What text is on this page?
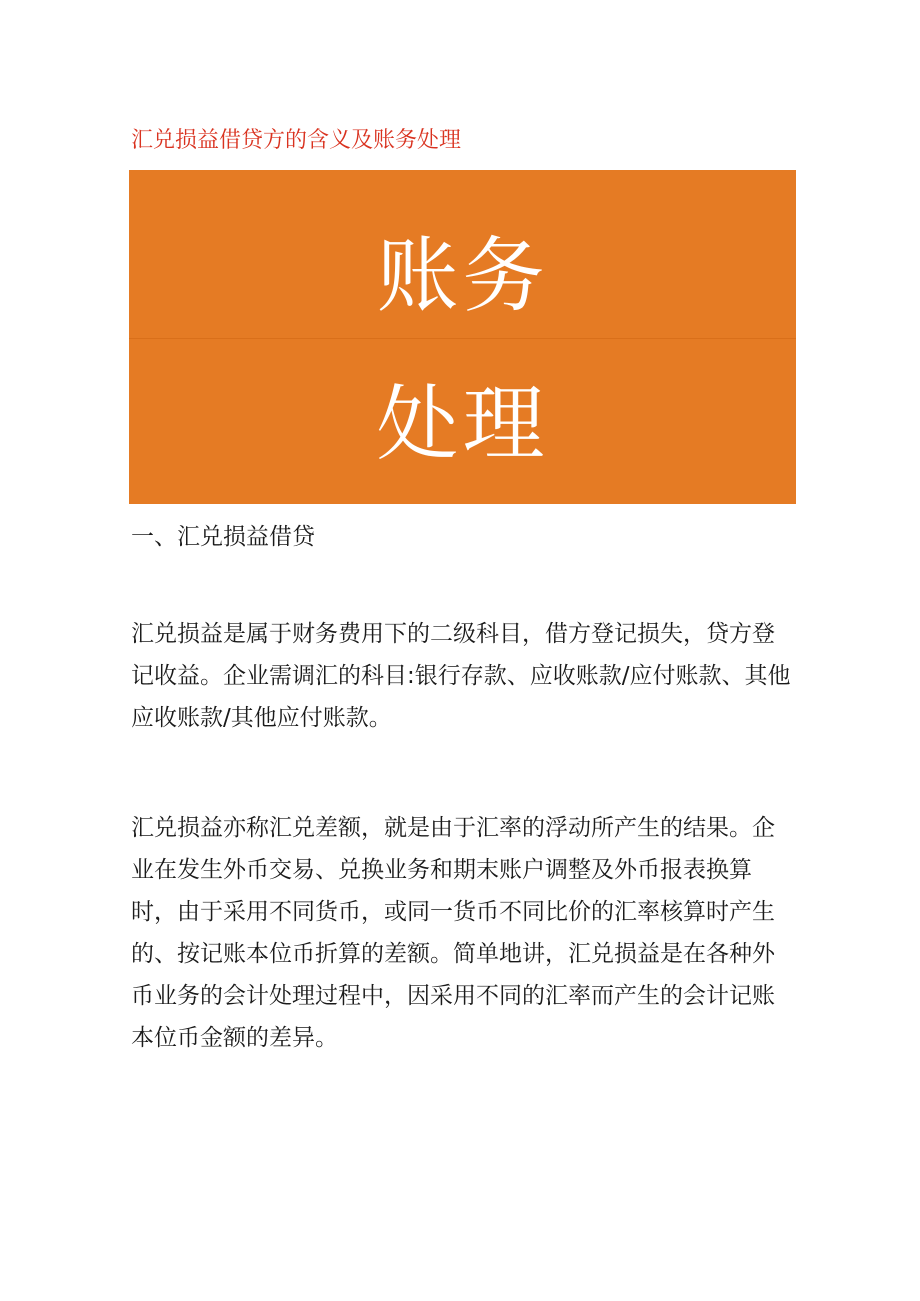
汇兑损益借贷方的含义及账务处理
账务
处理
一、汇兑损益借贷

汇兑损益是属于财务费用下的二级科目，借方登记损失，贷方登记收益。企业需调汇的科目:银行存款、应收账款/应付账款、其他应收账款/其他应付账款。

汇兑损益亦称汇兑差额，就是由于汇率的浮动所产生的结果。企业在发生外币交易、兑换业务和期末账户调整及外币报表换算时，由于采用不同货币，或同一货币不同比价的汇率核算时产生的、按记账本位币折算的差额。简单地讲，汇兑损益是在各种外币业务的会计处理过程中，因采用不同的汇率而产生的会计记账本位币金额的差异。
